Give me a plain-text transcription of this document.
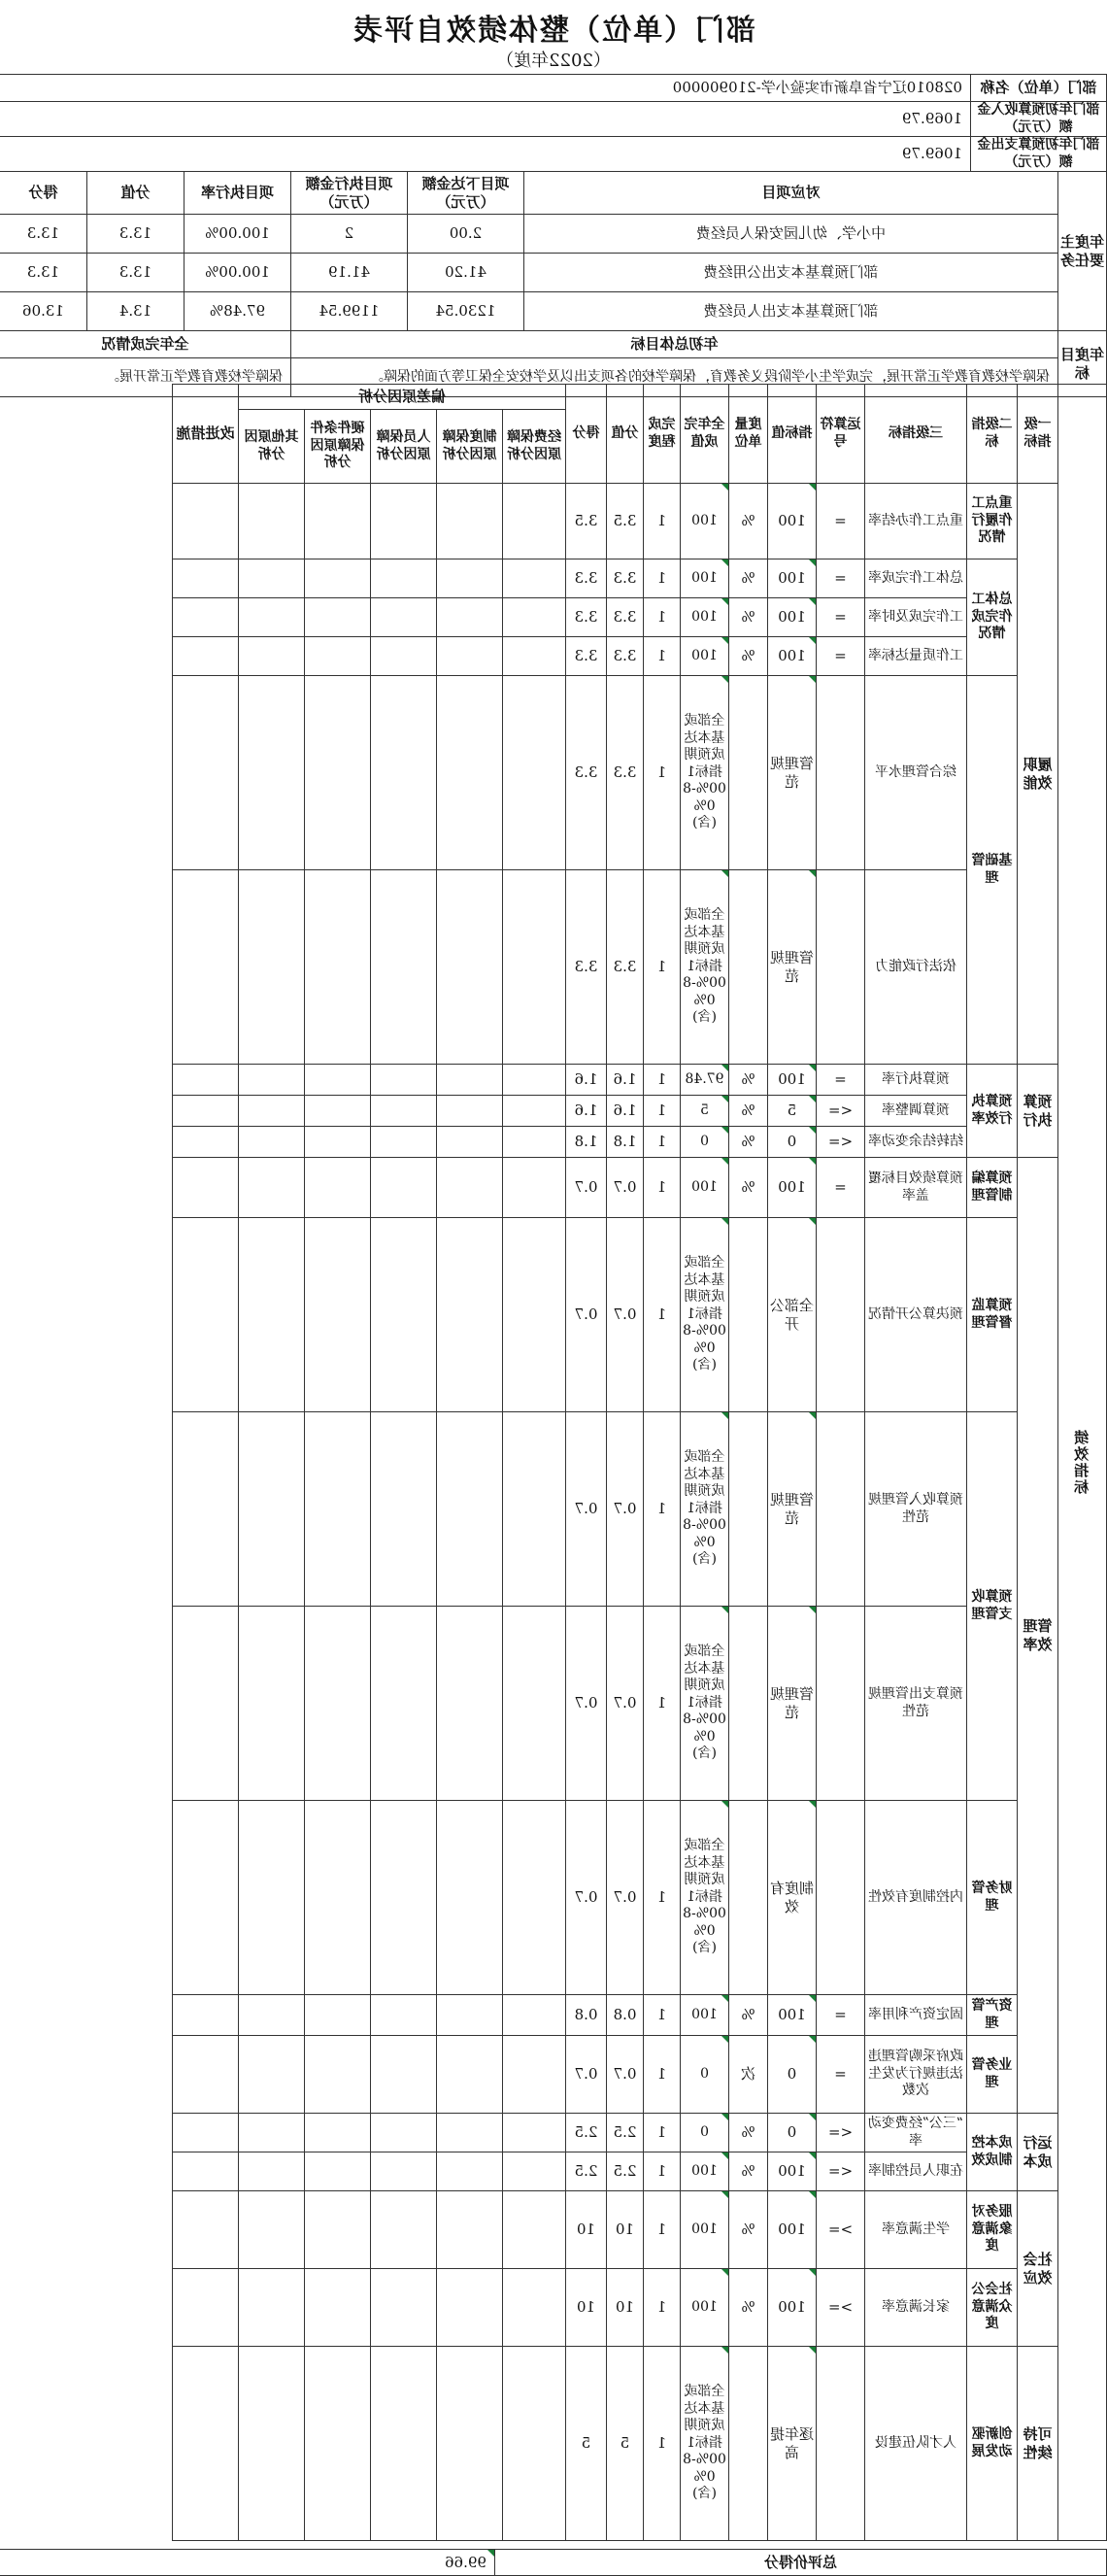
部门（单位）整体绩效自评表
（2022年度）
部门（单位）名称		028010辽宁省阜新市实验小学-210900000					
部门年初预算收入金额（万元）		1069.79					
部门年初预算支出金额（万元）		1069.79					
年度主要任务	对应项目		项目下达金额（万元）	项目执行金额（万元）	项目执行率	分值	得分
	中小学、幼儿园安保人员经费		2.00	2	100.00%	13.3	13.3
	部门预算基本支出公用经费		41.20	41.19	100.00%	13.3	13.3
	部门预算基本支出人员经费		1230.54	1199.54	97.48%	13.4	13.06
年度目标	年初总体目标				全年完成情况		
	保障学校教育教学正常开展，完成学生小学阶段义务教育，保障学校的各项支出以及学校安全保卫等方面的保障。				保障学校教育教学正常开展。		
绩效指标	一级指标	二级指标	三级指标	运算符号	指标值	度量单位	全年完成值	完成程度	分值	得分	偏差原因分析					改进措施
											经费保障原因分析	制度保障原因分析	人员保障原因分析	硬件条件保障原因分析	其他原因分析	
	履职效能	重点工作履行情况	重点工作办结率	=	100	%	100	1	3.5	3.5						
		总体工作完成情况	总体工作完成率	=	100	%	100	1	3.3	3.3						
			工作完成及时率	=	100	%	100	1	3.3	3.3						
			工作质量达标率	=	100	%	100	1	3.3	3.3						
		基础管理	综合管理水平		管理规范		全部或基本达成预期指标100%-80%(含)	1	3.3	3.3						
			依法行政能力		管理规范		全部或基本达成预期指标100%-80%(含)	1	3.3	3.3						
	预算执行	预算执行效率	预算执行率	=	100	%	97.48	1	1.6	1.6						
			预算调整率	<=	5	%	5	1	1.6	1.6						
			结转结余变动率	<=	0	%	0	1	1.8	1.8						
	管理效率	预算编制管理	预算绩效目标覆盖率	=	100	%	100	1	0.7	0.7						
		预算监督管理	预决算公开情况		全部公开		全部或基本达成预期指标100%-80%(含)	1	0.7	0.7						
		预算收支管理	预算收入管理规范性		管理规范		全部或基本达成预期指标100%-80%(含)	1	0.7	0.7						
			预算支出管理规范性		管理规范		全部或基本达成预期指标100%-80%(含)	1	0.7	0.7						
		财务管理	内控制度有效性		制度有效		全部或基本达成预期指标100%-80%(含)	1	0.7	0.7						
		资产管理	固定资产利用率	=	100	%	100	1	0.8	0.8						
		业务管理	政府采购管理违法违规行为发生次数	=	0	次	0	1	0.7	0.7						
	运行成本	成本控制成效	“三公”经费变动率	<=	0	%	0	1	2.5	2.5						
			在职人员控制率	<=	100	%	100	1	2.5	2.5						
	社会效应	服务对象满意度	学生满意率	>=	100	%	100	1	10	10						
		社会公众满意度	家长满意率	>=	100	%	100	1	10	10						
	可持续性	创新驱动发展	人才队伍建设		逐年提高		全部或基本达成预期指标100%-80%(含)	1	5	5						
总评价得分	99.66
